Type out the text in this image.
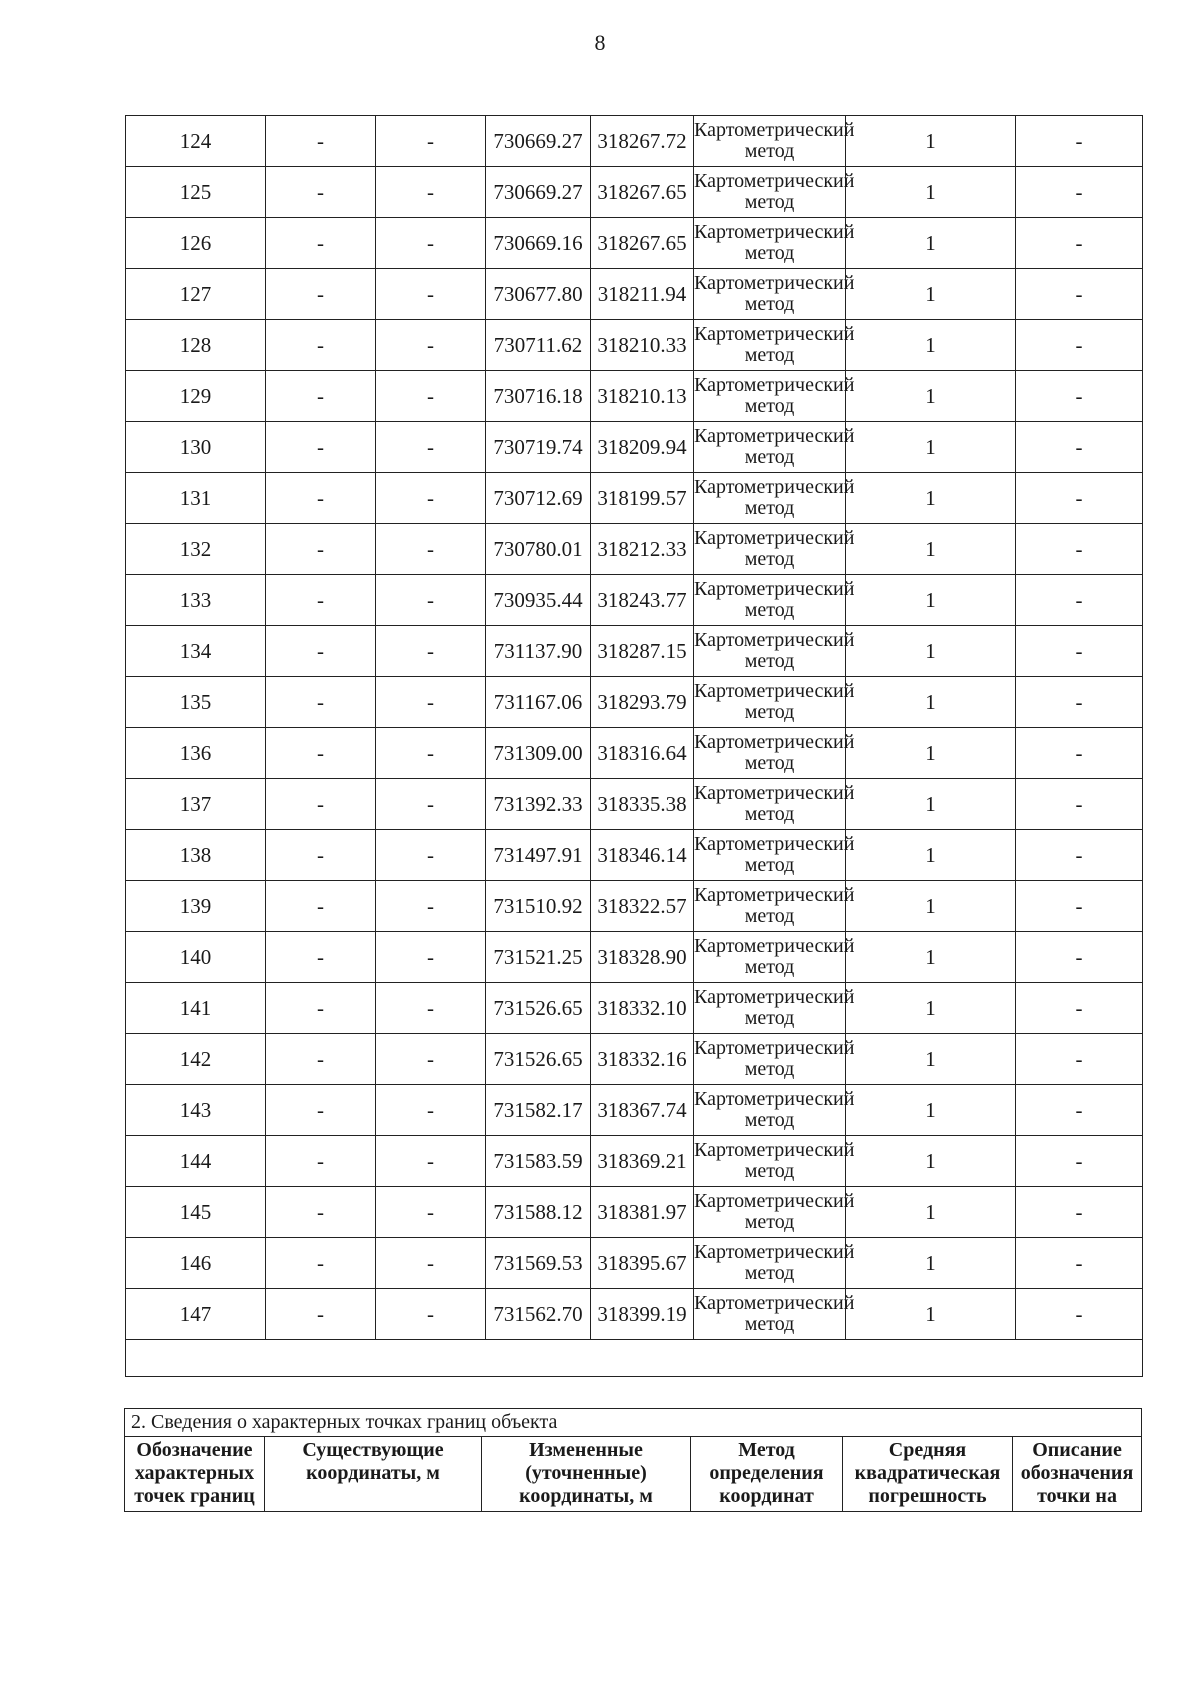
8
124	-	-	730669.27	318267.72	Картометрический метод	1	-
125	-	-	730669.27	318267.65	Картометрический метод	1	-
126	-	-	730669.16	318267.65	Картометрический метод	1	-
127	-	-	730677.80	318211.94	Картометрический метод	1	-
128	-	-	730711.62	318210.33	Картометрический метод	1	-
129	-	-	730716.18	318210.13	Картометрический метод	1	-
130	-	-	730719.74	318209.94	Картометрический метод	1	-
131	-	-	730712.69	318199.57	Картометрический метод	1	-
132	-	-	730780.01	318212.33	Картометрический метод	1	-
133	-	-	730935.44	318243.77	Картометрический метод	1	-
134	-	-	731137.90	318287.15	Картометрический метод	1	-
135	-	-	731167.06	318293.79	Картометрический метод	1	-
136	-	-	731309.00	318316.64	Картометрический метод	1	-
137	-	-	731392.33	318335.38	Картометрический метод	1	-
138	-	-	731497.91	318346.14	Картометрический метод	1	-
139	-	-	731510.92	318322.57	Картометрический метод	1	-
140	-	-	731521.25	318328.90	Картометрический метод	1	-
141	-	-	731526.65	318332.10	Картометрический метод	1	-
142	-	-	731526.65	318332.16	Картометрический метод	1	-
143	-	-	731582.17	318367.74	Картометрический метод	1	-
144	-	-	731583.59	318369.21	Картометрический метод	1	-
145	-	-	731588.12	318381.97	Картометрический метод	1	-
146	-	-	731569.53	318395.67	Картометрический метод	1	-
147	-	-	731562.70	318399.19	Картометрический метод	1	-

2. Сведения о характерных точках границ объекта
Обозначение характерных точек границ	Существующие координаты, м	Измененные (уточненные) координаты, м	Метод определения координат	Средняя квадратическая погрешность	Описание обозначения точки на
